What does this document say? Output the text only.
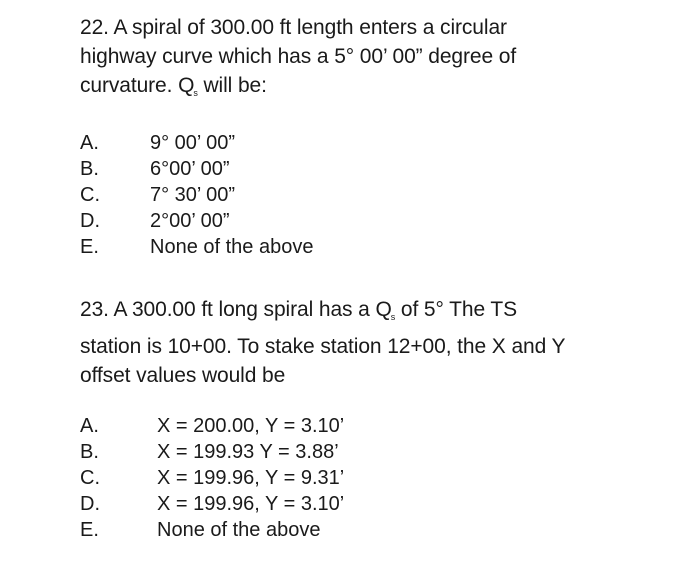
22. A spiral of 300.00 ft length enters a circular
highway curve which has a 5° 00’ 00” degree of
curvature. $Q_s$ will be:
A.	9° 00’ 00”
B.	6°00’ 00”
C.	7° 30’ 00”
D.	2°00’ 00”
E.	None of the above
23. A 300.00 ft long spiral has a $Q_s$ of 5° The TS
station is 10+00. To stake station 12+00, the X and Y
offset values would be
A.	X = 200.00, Y = 3.10’
B.	X = 199.93 Y = 3.88’
C.	X = 199.96, Y = 9.31’
D.	X = 199.96, Y = 3.10’
E.	None of the above
